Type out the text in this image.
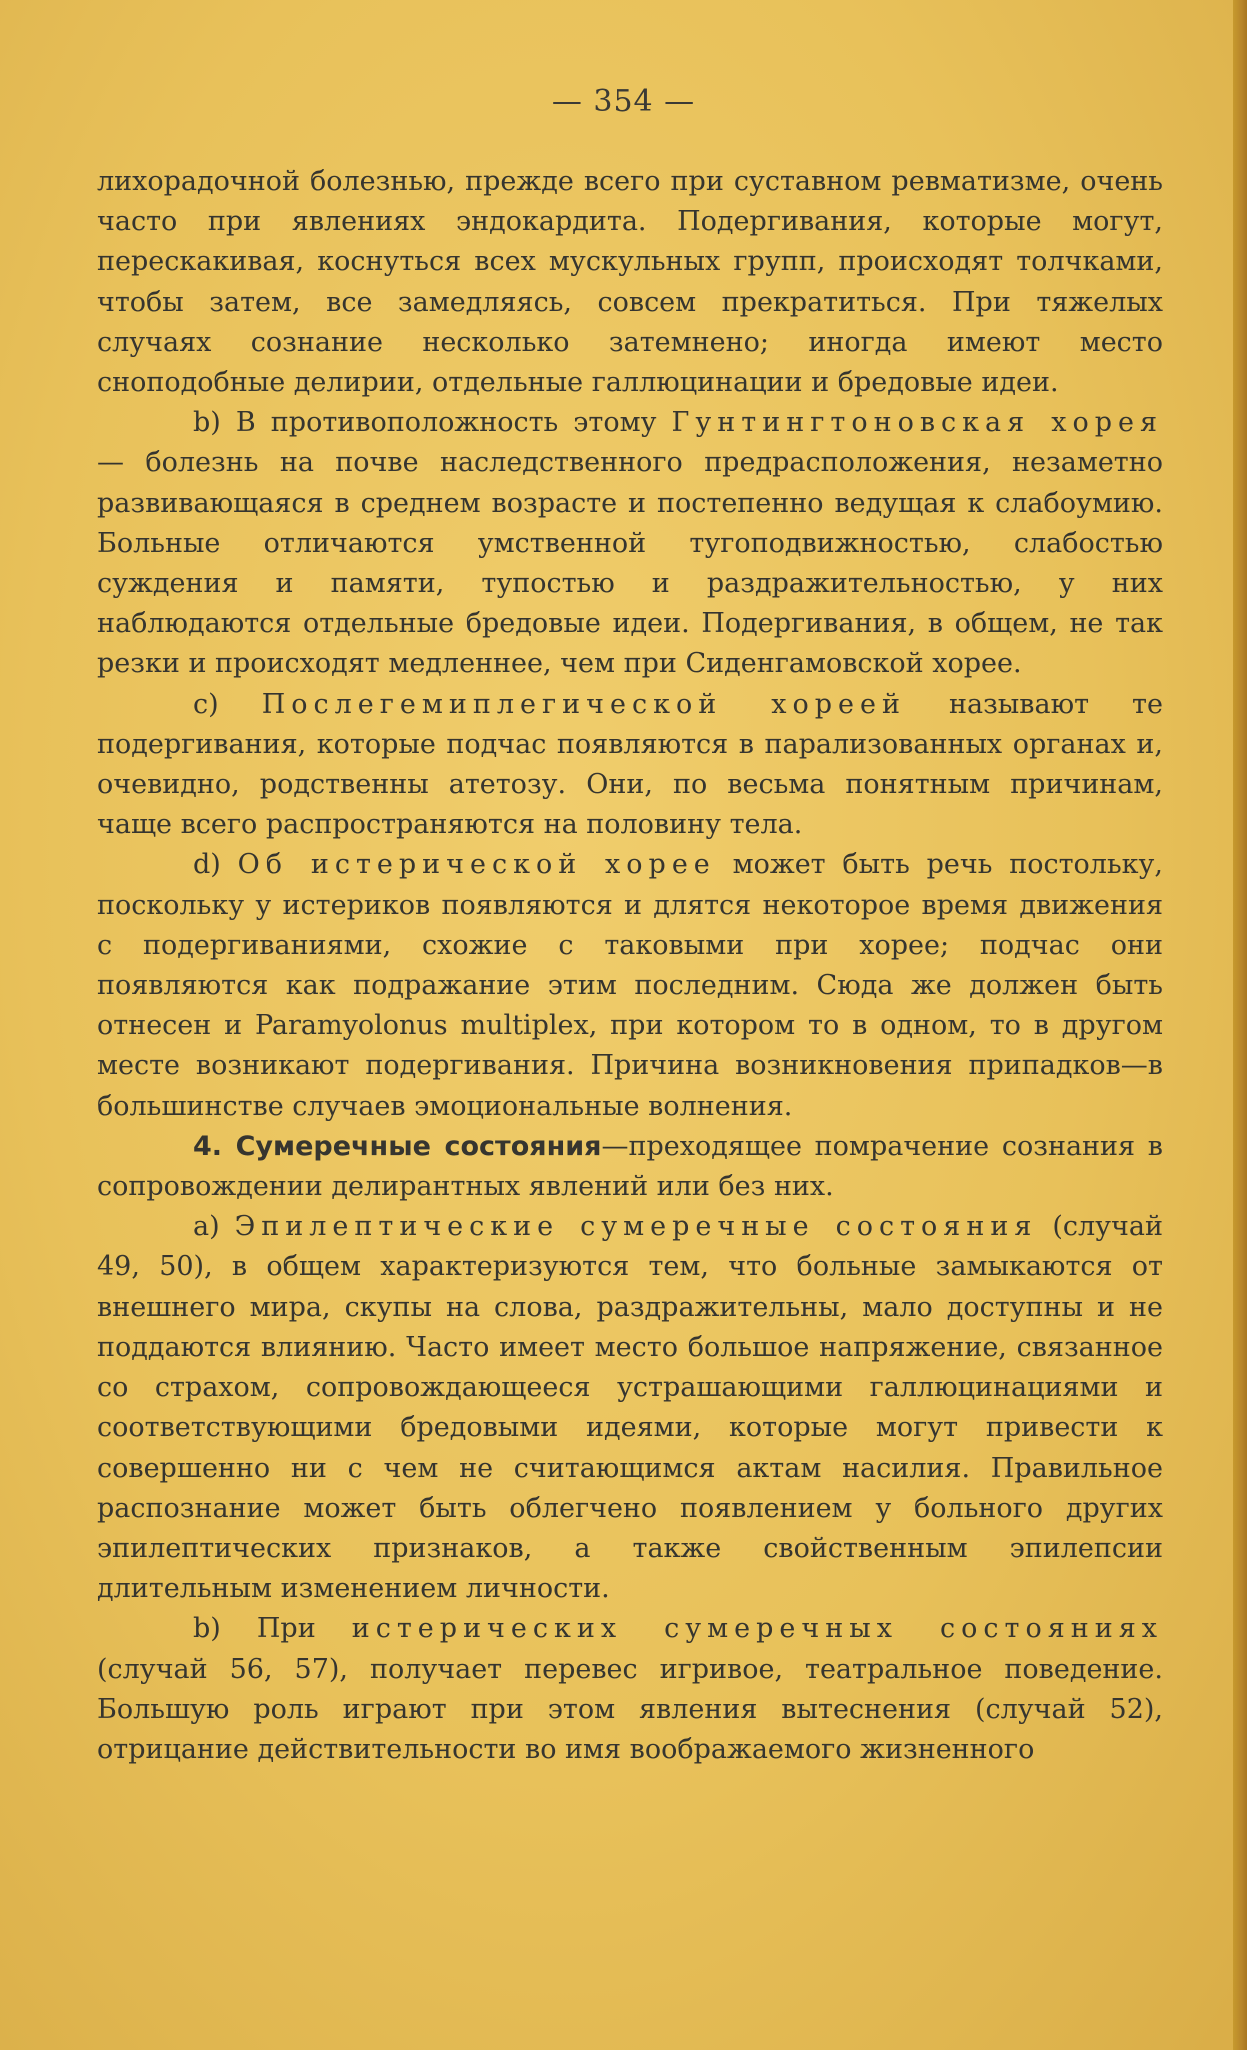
— 354 —

лихорадочной болезнью, прежде всего при суставном ревматизме, очень часто при явлениях эндокардита. Подергивания, которые могут, перескакивая, коснуться всех мускульных групп, происходят толчками, чтобы затем, все замедляясь, совсем прекратиться. При тяжелых случаях сознание несколько затемнено; иногда имеют место сноподобные делирии, отдельные галлюцинации и бредовые идеи.

b) В противоположность этому Гунтингтоновская хорея — болезнь на почве наследственного предрасположения, незаметно развивающаяся в среднем возрасте и постепенно ведущая к слабоумию. Больные отличаются умственной тугоподвижностью, слабостью суждения и памяти, тупостью и раздражительностью, у них наблюдаются отдельные бредовые идеи. Подергивания, в общем, не так резки и происходят медленнее, чем при Сиденгамовской хорее.

c) Послегемиплегической хореей называют те подергивания, которые подчас появляются в парализованных органах и, очевидно, родственны атетозу. Они, по весьма понятным причинам, чаще всего распространяются на половину тела.

d) Об истерической хорее может быть речь постольку, поскольку у истериков появляются и длятся некоторое время движения с подергиваниями, схожие с таковыми при хорее; подчас они появляются как подражание этим последним. Сюда же должен быть отнесен и Paramyolonus multiplex, при котором то в одном, то в другом месте возникают подергивания. Причина возникновения припадков—в большинстве случаев эмоциональные волнения.

4. Сумеречные состояния—преходящее помрачение сознания в сопровождении делирантных явлений или без них.

a) Эпилептические сумеречные состояния (случай 49, 50), в общем характеризуются тем, что больные замыкаются от внешнего мира, скупы на слова, раздражительны, мало доступны и не поддаются влиянию. Часто имеет место большое напряжение, связанное со страхом, сопровождающееся устрашающими галлюцинациями и соответствующими бредовыми идеями, которые могут привести к совершенно ни с чем не считающимся актам насилия. Правильное распознание может быть облегчено появлением у больного других эпилептических признаков, а также свойственным эпилепсии длительным изменением личности.

b) При истерических сумеречных состояниях (случай 56, 57), получает перевес игривое, театральное поведение. Большую роль играют при этом явления вытеснения (случай 52), отрицание действительности во имя воображаемого жизненного
